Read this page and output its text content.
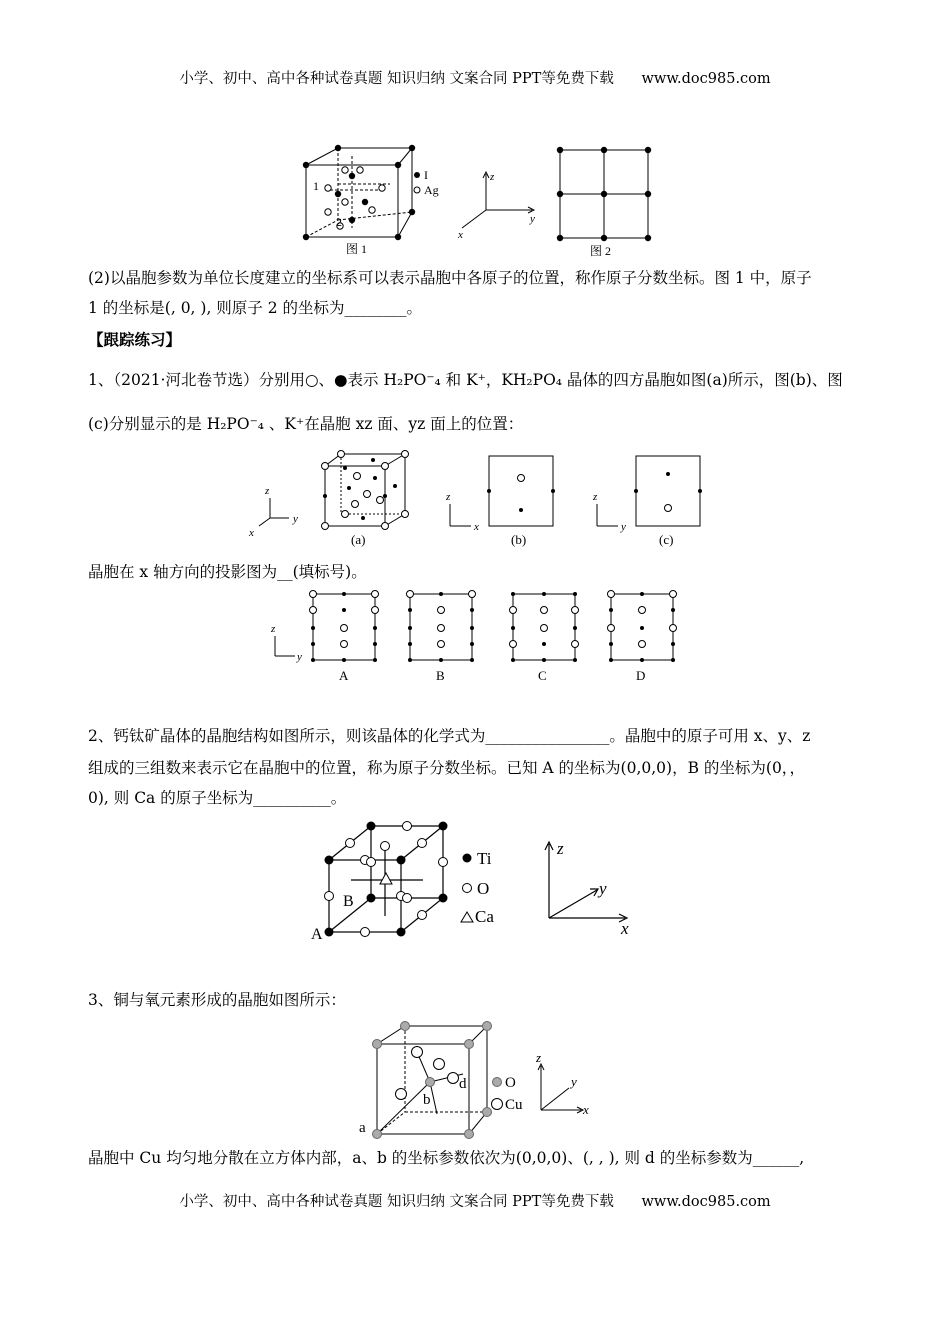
小学、初中、高中各种试卷真题 知识归纳 文案合同 PPT等免费下载 www.doc985.com
1
2
I
Ag
图 1
z
y
x
图 2
(2)以晶胞参数为单位长度建立的坐标系可以表示晶胞中各原子的位置，称作原子分数坐标。图 1 中，原子
1 的坐标是(, 0, ), 则原子 2 的坐标为________。
【跟踪练习】
1、（2021·河北卷节选）分别用○、●表示 H₂PO⁻₄ 和 K⁺，KH₂PO₄ 晶体的四方晶胞如图(a)所示，图(b)、图
(c)分别显示的是 H₂PO⁻₄ 、K⁺在晶胞 xz 面、yz 面上的位置：
z
y
x	(a)
z
x
(b)
z
y
(c)
晶胞在 x 轴方向的投影图为__(填标号)。
z
y
A	B	C	D
2、钙钛矿晶体的晶胞结构如图所示，则该晶体的化学式为________________。晶胞中的原子可用 x、y、z
组成的三组数来表示它在晶胞中的位置，称为原子分数坐标。已知 A 的坐标为(0,0,0)，B 的坐标为(0，，
0), 则 Ca 的原子坐标为__________。
A
B
Ti
O
Ca
z
y
x
3、铜与氧元素形成的晶胞如图所示：
a
b
d	O
Cu
z
y
x
晶胞中 Cu 均匀地分散在立方体内部，a、b 的坐标参数依次为(0,0,0)、(, , ), 则 d 的坐标参数为______,
小学、初中、高中各种试卷真题 知识归纳 文案合同 PPT等免费下载 www.doc985.com
